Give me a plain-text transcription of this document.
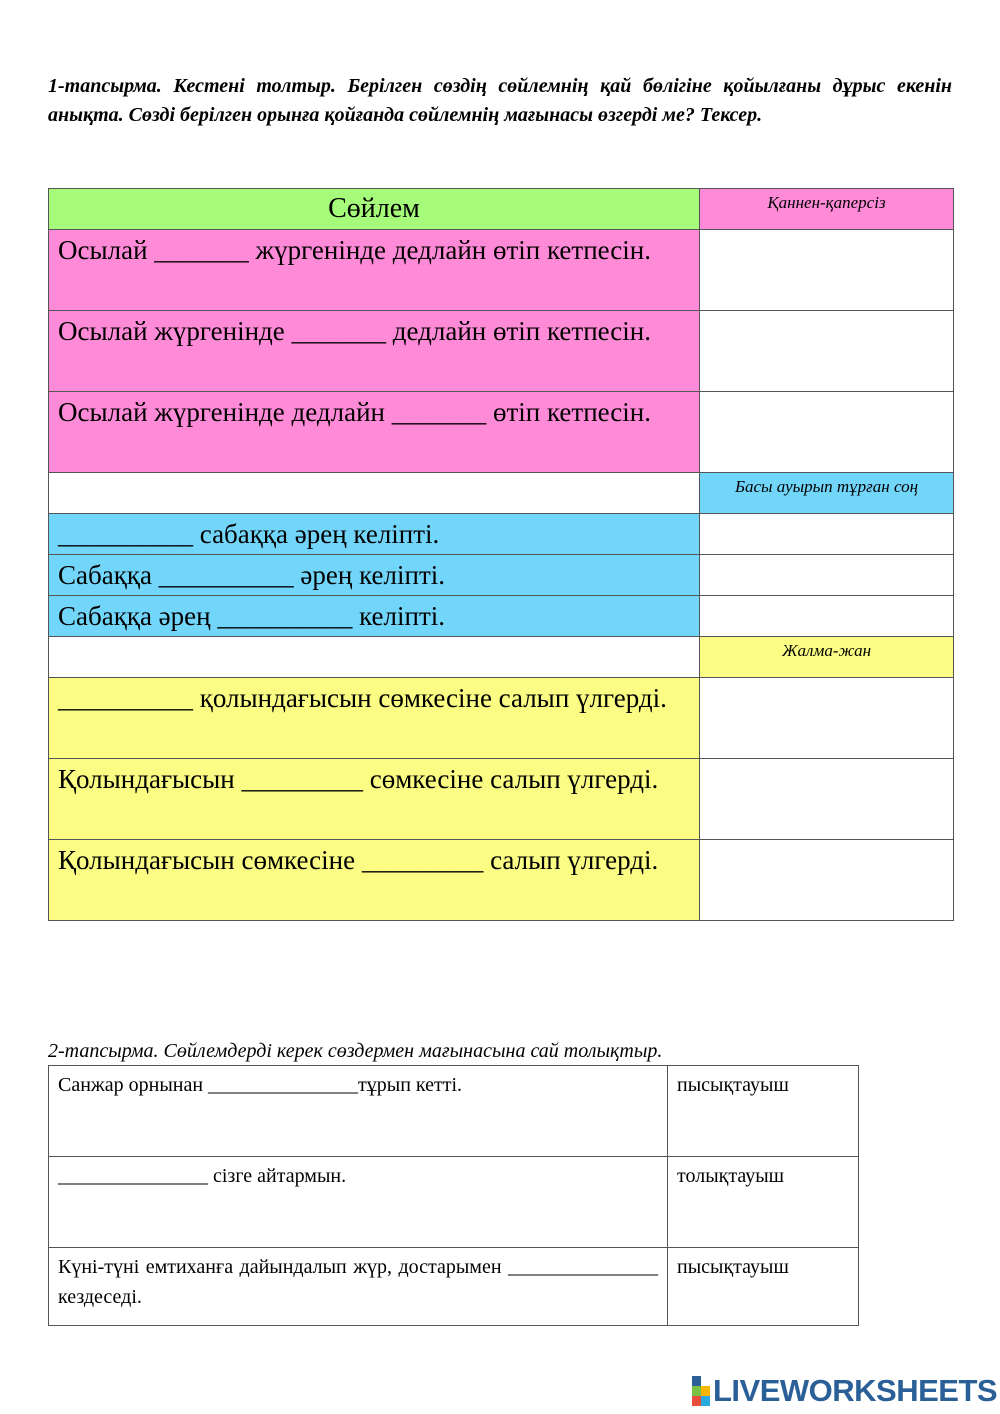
1-тапсырма. Кестені толтыр. Берілген сөздің сөйлемнің қай бөлігіне қойылғаны дұрыс екенін анықта. Сөзді берілген орынға қойғанда сөйлемнің мағынасы өзгерді ме? Тексер.
Сөйлем	Қаннен-қаперсіз

Осылай _______ жүргенінде дедлайн өтіп кетпесін.	

Осылай жүргенінде _______ дедлайн өтіп кетпесін.	

Осылай жүргенінде дедлайн _______ өтіп кетпесін.	

	Басы ауырып тұрған соң

__________ сабаққа әрең келіпті.	

Сабаққа __________ әрең келіпті.	

Сабаққа әрең __________ келіпті.	

	Жалма-жан

__________ қолындағысын сөмкесіне салып үлгерді.	

Қолындағысын _________ сөмкесіне салып үлгерді.	

Қолындағысын сөмкесіне _________ салып үлгерді.	

2-тапсырма. Сөйлемдерді керек сөздермен мағынасына сай толықтыр.
Санжар орнынан _______________тұрып кетті.	пысықтауыш
_______________ сізге айтармын.	толықтауыш
Күні-түні емтиханға дайындалып жүр, достарымен _______________ кездеседі.	пысықтауыш
LIVEWORKSHEETS
